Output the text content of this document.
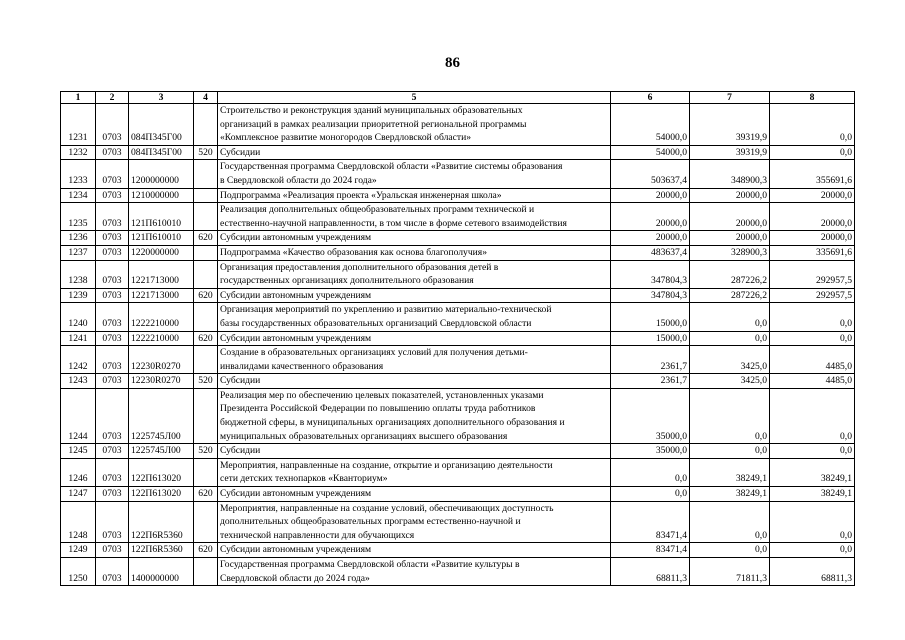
86
1	2	3	4	5	6	7	8
1231	0703	084П345Г00		Строительство и реконструкция зданий муниципальных образовательных
организаций в рамках реализации приоритетной региональной программы
«Комплексное развитие моногородов Свердловской области»	54000,0	39319,9	0,0
1232	0703	084П345Г00	520	Субсидии	54000,0	39319,9	0,0
1233	0703	1200000000		Государственная программа Свердловской области «Развитие системы образования
в Свердловской области до 2024 года»	503637,4	348900,3	355691,6
1234	0703	1210000000		Подпрограмма «Реализация проекта «Уральская инженерная школа»	20000,0	20000,0	20000,0
1235	0703	121П610010		Реализация дополнительных общеобразовательных программ технической и
естественно-научной направленности, в том числе в форме сетевого взаимодействия	20000,0	20000,0	20000,0
1236	0703	121П610010	620	Субсидии автономным учреждениям	20000,0	20000,0	20000,0
1237	0703	1220000000		Подпрограмма «Качество образования как основа благополучия»	483637,4	328900,3	335691,6
1238	0703	1221713000		Организация предоставления дополнительного образования детей в
государственных организациях дополнительного образования	347804,3	287226,2	292957,5
1239	0703	1221713000	620	Субсидии автономным учреждениям	347804,3	287226,2	292957,5
1240	0703	1222210000		Организация мероприятий по укреплению и развитию материально-технической
базы государственных образовательных организаций Свердловской области	15000,0	0,0	0,0
1241	0703	1222210000	620	Субсидии автономным учреждениям	15000,0	0,0	0,0
1242	0703	12230R0270		Создание в образовательных организациях условий для получения детьми-
инвалидами качественного образования	2361,7	3425,0	4485,0
1243	0703	12230R0270	520	Субсидии	2361,7	3425,0	4485,0
1244	0703	1225745Л00		Реализация мер по обеспечению целевых показателей, установленных указами
Президента Российской Федерации по повышению оплаты труда работников
бюджетной сферы, в муниципальных организациях дополнительного образования и
муниципальных образовательных организациях высшего образования	35000,0	0,0	0,0
1245	0703	1225745Л00	520	Субсидии	35000,0	0,0	0,0
1246	0703	122П613020		Мероприятия, направленные на создание, открытие и организацию деятельности
сети детских технопарков «Кванториум»	0,0	38249,1	38249,1
1247	0703	122П613020	620	Субсидии автономным учреждениям	0,0	38249,1	38249,1
1248	0703	122П6R5360		Мероприятия, направленные на создание условий, обеспечивающих доступность
дополнительных общеобразовательных программ естественно-научной и
технической направленности для обучающихся	83471,4	0,0	0,0
1249	0703	122П6R5360	620	Субсидии автономным учреждениям	83471,4	0,0	0,0
1250	0703	1400000000		Государственная программа Свердловской области «Развитие культуры в
Свердловской области до 2024 года»	68811,3	71811,3	68811,3
